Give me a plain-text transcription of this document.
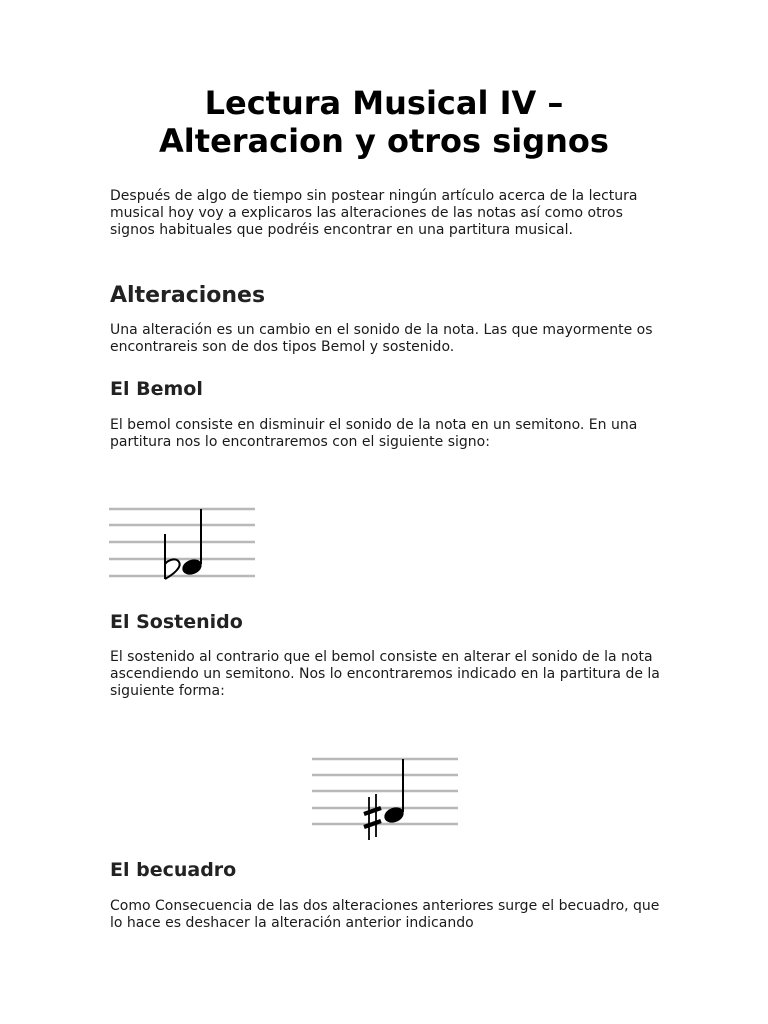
Lectura Musical IV –
Alteracion y otros signos

Después de algo de tiempo sin postear ningún artículo acerca de la lectura musical hoy voy a explicaros las alteraciones de las notas así como otros signos habituales que podréis encontrar en una partitura musical.

Alteraciones

Una alteración es un cambio en el sonido de la nota. Las que mayormente os encontrareis son de dos tipos Bemol y sostenido.

El Bemol

El bemol consiste en disminuir el sonido de la nota en un semitono. En una partitura nos lo encontraremos con el siguiente signo:

El Sostenido

El sostenido al contrario que el bemol consiste en alterar el sonido de la nota ascendiendo un semitono. Nos lo encontraremos indicado en la partitura de la siguiente forma:

El becuadro

Como Consecuencia de las dos alteraciones anteriores surge el becuadro, que lo hace es deshacer la alteración anterior indicando
